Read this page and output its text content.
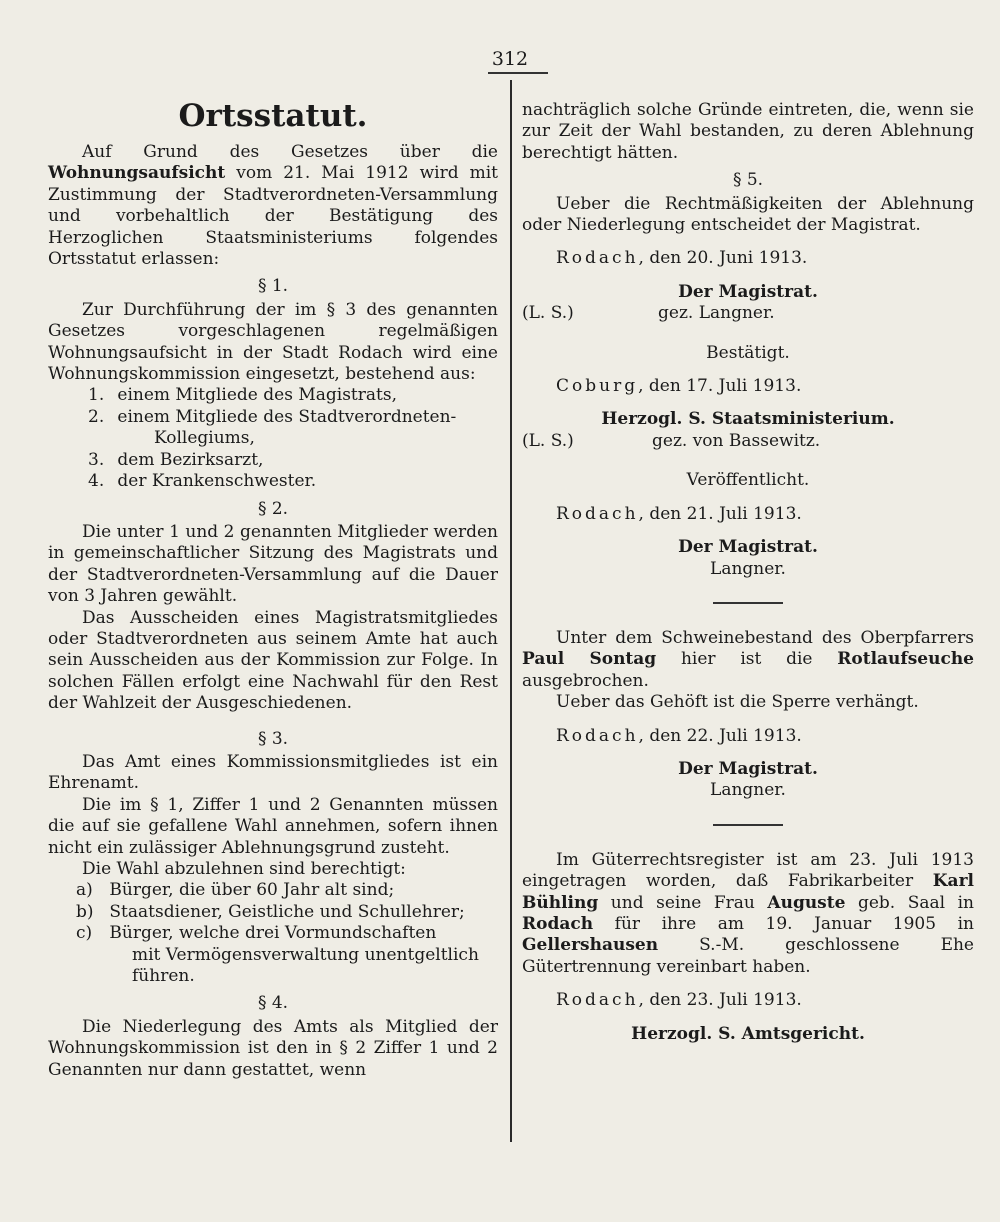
312
Ortsstatut.

Auf Grund des Gesetzes über die Wohnungsaufsicht vom 21. Mai 1912 wird mit Zustimmung der Stadtverordneten-Versammlung und vorbehaltlich der Bestätigung des Herzoglichen Staatsministeriums folgendes Ortsstatut erlassen:

§ 1.

Zur Durchführung der im § 3 des genannten Gesetzes vorgeschlagenen regelmäßigen Wohnungsaufsicht in der Stadt Rodach wird eine Wohnungskommission eingesetzt, bestehend aus:

1. einem Mitgliede des Magistrats,
2. einem Mitgliede des Stadtverordneten-
Kollegiums,
3. dem Bezirksarzt,
4. der Krankenschwester.
§ 2.

Die unter 1 und 2 genannten Mitglieder werden in gemeinschaftlicher Sitzung des Magistrats und der Stadtverordneten-Versammlung auf die Dauer von 3 Jahren gewählt.

Das Ausscheiden eines Magistratsmitgliedes oder Stadtverordneten aus seinem Amte hat auch sein Ausscheiden aus der Kommission zur Folge. In solchen Fällen erfolgt eine Nachwahl für den Rest der Wahlzeit der Ausgeschiedenen.

§ 3.

Das Amt eines Kommissionsmitgliedes ist ein Ehrenamt.

Die im § 1, Ziffer 1 und 2 Genannten müssen die auf sie gefallene Wahl annehmen, sofern ihnen nicht ein zulässiger Ablehnungsgrund zusteht.

Die Wahl abzulehnen sind berechtigt:

a) Bürger, die über 60 Jahr alt sind;
b) Staatsdiener, Geistliche und Schullehrer;
c) Bürger, welche drei Vormundschaften
mit Vermögensverwaltung unentgeltlich führen.
§ 4.

Die Niederlegung des Amts als Mitglied der Wohnungskommission ist den in § 2 Ziffer 1 und 2 Genannten nur dann gestattet, wenn

nachträglich solche Gründe eintreten, die, wenn sie zur Zeit der Wahl bestanden, zu deren Ablehnung berechtigt hätten.

§ 5.

Ueber die Rechtmäßigkeiten der Ablehnung oder Niederlegung entscheidet der Magistrat.

Rodach, den 20. Juni 1913.

Der Magistrat.
(L. S.)	gez. Langner.
Bestätigt.

Coburg, den 17. Juli 1913.

Herzogl. S. Staatsministerium.
(L. S.)	gez. von Bassewitz.
Veröffentlicht.

Rodach, den 21. Juli 1913.

Der Magistrat.
Langner.

Unter dem Schweinebestand des Oberpfarrers Paul Sontag hier ist die Rotlaufseuche ausgebrochen.

Ueber das Gehöft ist die Sperre verhängt.

Rodach, den 22. Juli 1913.

Der Magistrat.
Langner.

Im Güterrechtsregister ist am 23. Juli 1913 eingetragen worden, daß Fabrikarbeiter Karl Bühling und seine Frau Auguste geb. Saal in Rodach für ihre am 19. Januar 1905 in Gellershausen S.-M. geschlossene Ehe Gütertrennung vereinbart haben.

Rodach, den 23. Juli 1913.

Herzogl. S. Amtsgericht.
